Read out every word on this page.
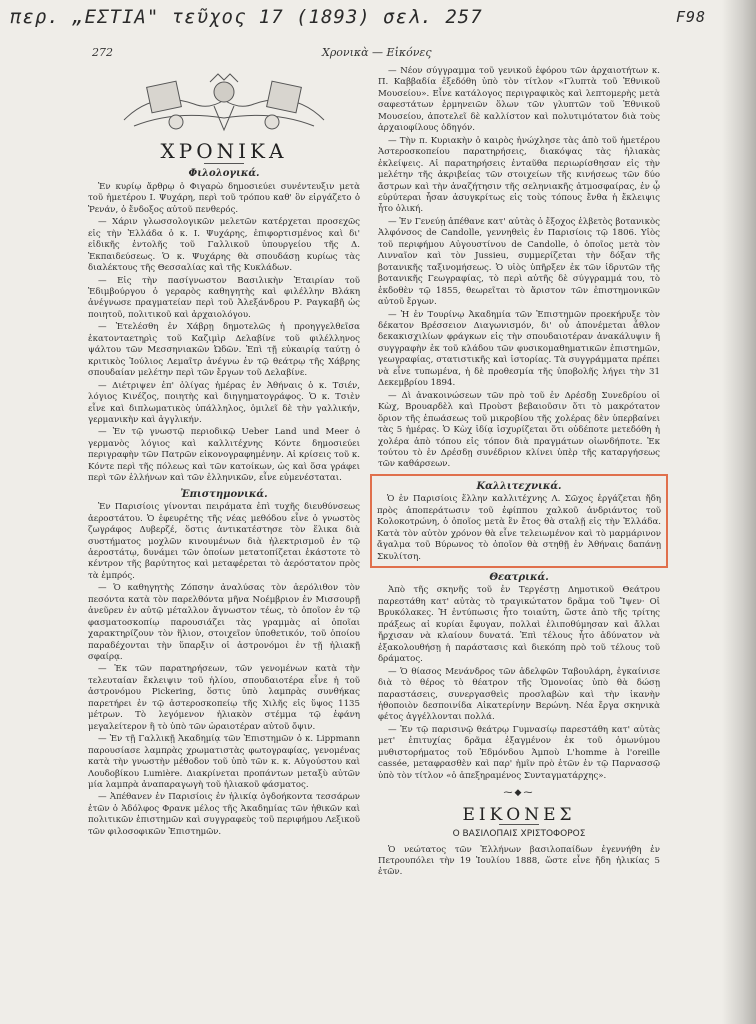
περ. „ΕΣΤΙΑ" τεῦχος 17 (1893) σελ. 257	F98
272	Χρονικὰ — Εἰκόνες
ΧΡΟΝΙΚΑ
Φιλολογικά.

Ἐν κυρίῳ ἄρθρῳ ὁ Φιγαρὼ δημοσιεύει συνέντευξιν μετὰ τοῦ ἡμετέρου Ι. Ψυχάρη, περὶ τοῦ τρόπου καθ' ὃν εἰργάζετο ὁ Ῥενάν, ὁ ἔνδοξος αὐτοῦ πενθερός.

— Χάριν γλωσσολογικῶν μελετῶν κατέρχεται προσεχῶς εἰς τὴν Ἑλλάδα ὁ κ. Ι. Ψυχάρης, ἐπιφορτισμένος καὶ δι' εἰδικῆς ἐντολῆς τοῦ Γαλλικοῦ ὑπουργείου τῆς Δ. Ἐκπαιδεύσεως. Ὁ κ. Ψυχάρης θὰ σπουδάσῃ κυρίως τὰς διαλέκτους τῆς Θεσσαλίας καὶ τῆς Κυκλάδων.

— Εἰς τὴν πασίγνωστον Βασιλικὴν Ἑταιρίαν τοῦ Ἐδιμβούργου ὁ γεραρὸς καθηγητὴς καὶ φιλέλλην Βλάκη ἀνέγνωσε πραγματείαν περὶ τοῦ Ἀλεξάνδρου Ρ. Ραγκαβῆ ὡς ποιητοῦ, πολιτικοῦ καὶ ἀρχαιολόγου.

— Ἐτελέσθη ἐν Χάβρῃ δημοτελῶς ἡ προηγγελθεῖσα ἑκατονταετηρὶς τοῦ Καζιμὶρ Δελαβίνε τοῦ φιλέλληνος ψάλτου τῶν Μεσσηνιακῶν Ὠδῶν. Ἐπὶ τῇ εὐκαιρίᾳ ταύτῃ ὁ κριτικὸς Ἰούλιος Λεμαῖτρ ἀνέγνω ἐν τῷ θεάτρῳ τῆς Χάβρης σπουδαίαν μελέτην περὶ τῶν ἔργων τοῦ Δελαβίνε.

— Διέτριψεν ἐπ' ὀλίγας ἡμέρας ἐν Ἀθήναις ὁ κ. Τσιέν, λόγιος Κινέζος, ποιητὴς καὶ διηγηματογράφος. Ὁ κ. Τσιὲν εἶνε καὶ διπλωματικὸς ὑπάλληλος, ὁμιλεῖ δὲ τὴν γαλλικήν, γερμανικὴν καὶ ἀγγλικήν.

— Ἐν τῷ γνωστῷ περιοδικῷ Ueber Land und Meer ὁ γερμανὸς λόγιος καὶ καλλιτέχνης Κόντε δημοσιεύει περιγραφὴν τῶν Πατρῶν εἰκονογραφημένην. Αἱ κρίσεις τοῦ κ. Κόντε περὶ τῆς πόλεως καὶ τῶν κατοίκων, ὡς καὶ ὅσα γράφει περὶ τῶν ἑλλήνων καὶ τῶν ἑλληνικῶν, εἶνε εὐμενέσταται.

Ἐπιστημονικά.

Ἐν Παρισίοις γίνονται πειράματα ἐπὶ τυχῆς διευθύνσεως ἀεροστάτου. Ὁ ἐφευρέτης τῆς νέας μεθόδου εἶνε ὁ γνωστὸς ζωγράφος Δυβερζέ, ὅστις ἀντικατέστησε τὸν ἕλικα διὰ συστήματος μοχλῶν κινουμένων διὰ ἠλεκτρισμοῦ ἐν τῷ ἀεροστάτῳ, δυνάμει τῶν ὁποίων μετατοπίζεται ἐκάστοτε τὸ κέντρον τῆς βαρύτητος καὶ μεταφέρεται τὸ ἀερόστατον πρὸς τὰ ἐμπρός.

— Ὁ καθηγητὴς Ζόπσην ἀναλύσας τὸν ἀερόλιθον τὸν πεσόντα κατὰ τὸν παρελθόντα μῆνα Νοέμβριον ἐν Μισσουρῇ ἀνεῦρεν ἐν αὐτῷ μέταλλον ἄγνωστον τέως, τὸ ὁποῖον ἐν τῷ φασματοσκοπίῳ παρουσιάζει τὰς γραμμὰς αἱ ὁποῖαι χαρακτηρίζουν τὸν ἥλιον, στοιχεῖον ὑποθετικόν, τοῦ ὁποίου παραδέχονται τὴν ὕπαρξιν οἱ ἀστρονόμοι ἐν τῇ ἡλιακῇ σφαίρᾳ.

— Ἐκ τῶν παρατηρήσεων, τῶν γενομένων κατὰ τὴν τελευταίαν ἔκλειψιν τοῦ ἡλίου, σπουδαιοτέρα εἶνε ἡ τοῦ ἀστρονόμου Pickering, ὅστις ὑπὸ λαμπρὰς συνθήκας παρετήρει ἐν τῷ ἀστεροσκοπείῳ τῆς Χιλῆς εἰς ὕψος 1135 μέτρων. Τὸ λεγόμενον ἡλιακὸν στέμμα τῷ ἐφάνη μεγαλείτερον ἢ τὸ ὑπὸ τῶν ὡραιοτέραν αὐτοῦ ὄψιν.

— Ἐν τῇ Γαλλικῇ Ἀκαδημίᾳ τῶν Ἐπιστημῶν ὁ κ. Lippmann παρουσίασε λαμπρὰς χρωματιστὰς φωτογραφίας, γενομένας κατὰ τὴν γνωστὴν μέθοδον τοῦ ὑπὸ τῶν κ. κ. Αὐγούστου καὶ Λουδοβίκου Lumière. Διακρίνεται προπάντων μεταξὺ αὐτῶν μία λαμπρὰ ἀναπαραγωγὴ τοῦ ἡλιακοῦ φάσματος.

— Ἀπέθανεν ἐν Παρισίοις ἐν ἡλικίᾳ ὀγδοήκοντα τεσσάρων ἐτῶν ὁ Ἀδόλφος Φρανκ μέλος τῆς Ἀκαδημίας τῶν ἠθικῶν καὶ πολιτικῶν ἐπιστημῶν καὶ συγγραφεὺς τοῦ περιφήμου Λεξικοῦ τῶν φιλοσοφικῶν Ἐπιστημῶν.

— Νέον σύγγραμμα τοῦ γενικοῦ ἐφόρου τῶν ἀρχαιοτήτων κ. Π. Καββαδία ἐξεδόθη ὑπὸ τὸν τίτλον «Γλυπτὰ τοῦ Ἐθνικοῦ Μουσείου». Εἶνε κατάλογος περιγραφικὸς καὶ λεπτομερὴς μετὰ σαφεστάτων ἑρμηνειῶν ὅλων τῶν γλυπτῶν τοῦ Ἐθνικοῦ Μουσείου, ἀποτελεῖ δὲ καλλίστον καὶ πολυτιμότατον διὰ τοὺς ἀρχαιοφίλους ὁδηγόν.

— Τὴν π. Κυριακὴν ὁ καιρὸς ἠνώχλησε τὰς ἀπὸ τοῦ ἡμετέρου Ἀστεροσκοπείου παρατηρήσεις, διακόψας τὰς ἡλιακὰς ἐκλείψεις. Αἱ παρατηρήσεις ἐνταῦθα περιωρίσθησαν εἰς τὴν μελέτην τῆς ἀκριβείας τῶν στοιχείων τῆς κινήσεως τῶν δύο ἄστρων καὶ τὴν ἀναζήτησιν τῆς σεληνιακῆς ἀτμοσφαίρας, ἐν ᾧ εὑρύτεραι ἦσαν ἀσυγκρίτως εἰς τοὺς τόπους ἔνθα ἡ ἔκλειψις ἦτο ὁλική.

— Ἐν Γενεύῃ ἀπέθανε κατ' αὐτὰς ὁ ἔξοχος ἐλβετὸς βοτανικὸς Ἀλφόνσος de Candolle, γεννηθεὶς ἐν Παρισίοις τῷ 1806. Υἱὸς τοῦ περιφήμου Αὐγουστίνου de Candolle, ὁ ὁποῖος μετὰ τὸν Λινναῖον καὶ τὸν Jussieu, συμμερίζεται τὴν δόξαν τῆς βοτανικῆς ταξινομήσεως. Ὁ υἱὸς ὑπῆρξεν ἐκ τῶν ἱδρυτῶν τῆς βοτανικῆς Γεωγραφίας, τὸ περὶ αὐτῆς δὲ σύγγραμμά του, τὸ ἐκδοθὲν τῷ 1855, θεωρεῖται τὸ ἄριστον τῶν ἐπιστημονικῶν αὐτοῦ ἔργων.

— Ἡ ἐν Τουρίνῳ Ἀκαδημία τῶν Ἐπιστημῶν προεκήρυξε τὸν δέκατον Βρέσσειον Διαγωνισμόν, δι' οὗ ἀπονέμεται ἆθλον δεκακισχιλίων φράγκων εἰς τὴν σπουδαιοτέραν ἀνακάλυψιν ἢ συγγραφὴν ἐκ τοῦ κλάδου τῶν φυσικομαθηματικῶν ἐπιστημῶν, γεωγραφίας, στατιστικῆς καὶ ἱστορίας. Τὰ συγγράμματα πρέπει νὰ εἶνε τυπωμένα, ἡ δὲ προθεσμία τῆς ὑποβολῆς λήγει τὴν 31 Δεκεμβρίου 1894.

— Δὶ ἀνακοινώσεων τῶν πρὸ τοῦ ἐν Δρέσδῃ Συνεδρίου οἱ Κὼχ, Βρουαρδὲλ καὶ Προὺστ βεβαιοῦσιν ὅτι τὸ μακρότατον ὅριον τῆς ἐπωάσεως τοῦ μικροβίου τῆς χολέρας δὲν ὑπερβαίνει τὰς 5 ἡμέρας. Ὁ Κὼχ ἰδίᾳ ἰσχυρίζεται ὅτι οὐδέποτε μετεδόθη ἡ χολέρα ἀπὸ τόπου εἰς τόπον διὰ πραγμάτων οἰωνδήποτε. Ἐκ τούτου τὸ ἐν Δρέσδῃ συνέδριον κλίνει ὑπὲρ τῆς καταργήσεως τῶν καθάρσεων.

Καλλιτεχνικά.

Ὁ ἐν Παρισίοις ἕλλην καλλιτέχνης Λ. Σῶχος ἐργάζεται ἤδη πρὸς ἀποπεράτωσιν τοῦ ἐφίππου χαλκοῦ ἀνδριάντος τοῦ Κολοκοτρώνη, ὁ ὁποῖος μετὰ ἓν ἔτος θὰ σταλῇ εἰς τὴν Ἑλλάδα. Κατὰ τὸν αὐτὸν χρόνον θὰ εἶνε τελειωμένον καὶ τὸ μαρμάρινον ἄγαλμα τοῦ Βύρωνος τὸ ὁποῖον θὰ στηθῇ ἐν Ἀθήναις δαπάνῃ Σκυλίτση.

Θεατρικά.

Ἀπὸ τῆς σκηνῆς τοῦ ἐν Τεργέστῃ Δημοτικοῦ Θεάτρου παρεστάθη κατ' αὐτὰς τὸ τραγικώτατον δρᾶμα τοῦ Ἴψεν· Οἱ Βρυκόλακες. Ἡ ἐντύπωσις ἦτο τοιαύτη, ὥστε ἀπὸ τῆς τρίτης πράξεως αἱ κυρίαι ἔφυγαν, πολλαὶ ἐλιποθύμησαν καὶ ἄλλαι ἤρχισαν νὰ κλαίουν δυνατά. Ἐπὶ τέλους ἦτο ἀδύνατον νὰ ἐξακολουθήσῃ ἡ παράστασις καὶ διεκόπη πρὸ τοῦ τέλους τοῦ δράματος.

— Ὁ θίασος Μενάνδρος τῶν ἀδελφῶν Ταβουλάρη, ἐγκαίνισε διὰ τὸ θέρος τὸ θέατρον τῆς Ὁμονοίας ὑπὸ θὰ δώσῃ παραστάσεις, συνεργασθεὶς προσλαβὼν καὶ τὴν ἱκανὴν ἠθοποιὸν δεσποινίδα Αἰκατερίνην Βερώνη. Νέα ἔργα σκηνικὰ φέτος ἀγγέλλονται πολλά.

— Ἐν τῷ παρισινῷ θεάτρῳ Γυμνασίῳ παρεστάθη κατ' αὐτὰς μετ' ἐπιτυχίας δρᾶμα ἐξαγμένον ἐκ τοῦ ὁμωνύμου μυθιστορήματος τοῦ Ἐδμόνδου Ἀμποὺ L'homme à l'oreille cassée, μεταφρασθὲν καὶ παρ' ἡμῖν πρὸ ἐτῶν ἐν τῷ Παρνασσῷ ὑπὸ τὸν τίτλον «ὁ ἀπεξηραμένος Συνταγματάρχης».

⁓◆⁓
ΕΙΚΟΝΕΣ
Ο ΒΑΣΙΛΟΠΑΙΣ ΧΡΙΣΤΟΦΟΡΟΣ

Ὁ νεώτατος τῶν Ἑλλήνων βασιλοπαίδων ἐγεννήθη ἐν Πετρουπόλει τὴν 19 Ἰουλίου 1888, ὥστε εἶνε ἤδη ἡλικίας 5 ἐτῶν.
